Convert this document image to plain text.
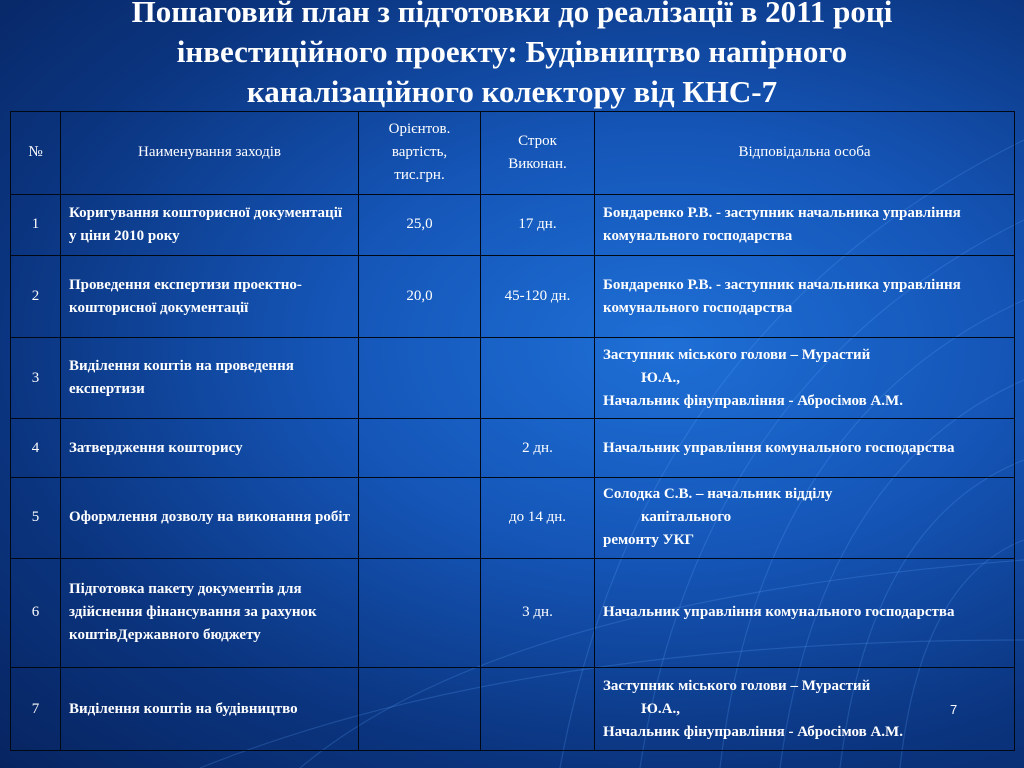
Пошаговий план з підготовки до реалізації в 2011 році
інвестиційного проекту: Будівництво напірного
каналізаційного колектору від КНС-7
№	Наименування заходів	Орієнтов. вартість, тис.грн.	Строк Виконан.	Відповідальна особа
1	Коригування кошторисної документації у ціни 2010 року	25,0	17 дн.	Бондаренко Р.В. - заступник начальника управління комунального господарства

2	Проведення експертизи проектно-кошторисної документації	20,0	45-120 дн.	Бондаренко Р.В. - заступник начальника управління комунального господарства

3	Виділення коштів на проведення експертизи			Заступник міського голови – Мурастий
Ю.А.,
Начальник фінуправління - Абросімов А.М.

4	Затвердження кошторису		2 дн.	Начальник управління комунального господарства

5	Оформлення дозволу на виконання робіт		до 14 дн.	Солодка С.В. – начальник відділу
капітального
ремонту УКГ

6	Підготовка пакету документів для здійснення фінансування за рахунок коштівДержавного бюджету		3 дн.	Начальник управління комунального господарства

7	Виділення коштів на будівництво			Заступник міського голови – Мурастий
Ю.А.,
Начальник фінуправління - Абросімов А.М.
7
